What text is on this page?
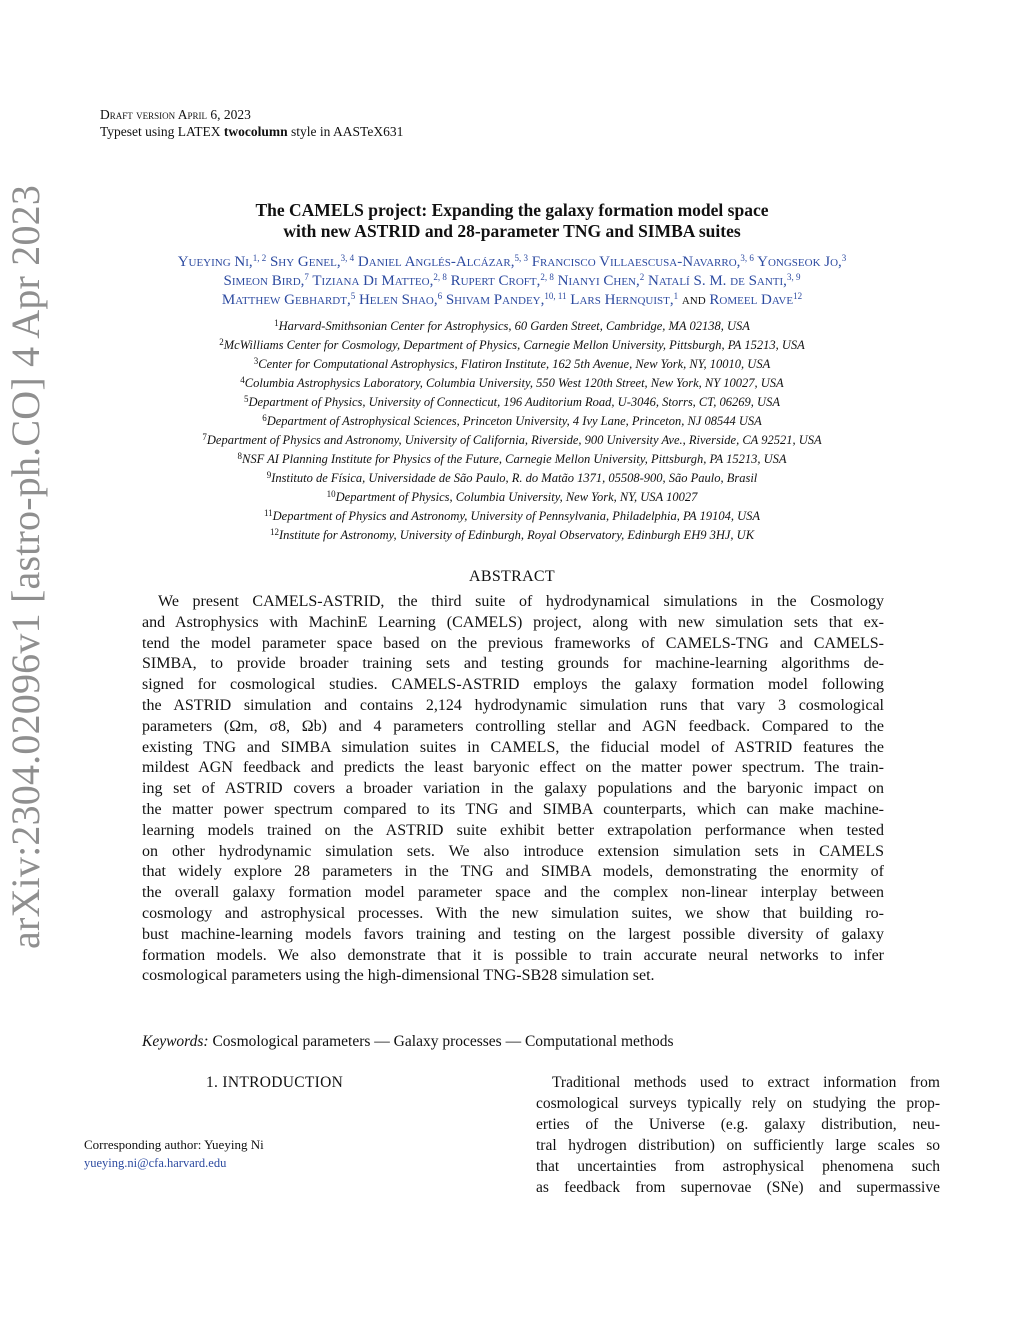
arXiv:2304.02096v1 [astro-ph.CO] 4 Apr 2023
Draft version April 6, 2023
Typeset using LATEX twocolumn style in AASTeX631
The CAMELS project: Expanding the galaxy formation model space
with new ASTRID and 28-parameter TNG and SIMBA suites
Yueying Ni,$^{1, 2}$ Shy Genel,$^{3, 4}$ Daniel Anglés-Alcázar,$^{5, 3}$ Francisco Villaescusa-Navarro,$^{3, 6}$ Yongseok Jo,$^3$
Simeon Bird,$^7$ Tiziana Di Matteo,$^{2, 8}$ Rupert Croft,$^{2, 8}$ Nianyi Chen,$^2$ Natalí S. M. de Santi,$^{3, 9}$
Matthew Gebhardt,$^5$ Helen Shao,$^6$ Shivam Pandey,$^{10, 11}$ Lars Hernquist,$^1$ and Romeel Dave$^{12}$
$^1$Harvard-Smithsonian Center for Astrophysics, 60 Garden Street, Cambridge, MA 02138, USA
$^2$McWilliams Center for Cosmology, Department of Physics, Carnegie Mellon University, Pittsburgh, PA 15213, USA
$^3$Center for Computational Astrophysics, Flatiron Institute, 162 5th Avenue, New York, NY, 10010, USA
$^4$Columbia Astrophysics Laboratory, Columbia University, 550 West 120th Street, New York, NY 10027, USA
$^5$Department of Physics, University of Connecticut, 196 Auditorium Road, U-3046, Storrs, CT, 06269, USA
$^6$Department of Astrophysical Sciences, Princeton University, 4 Ivy Lane, Princeton, NJ 08544 USA
$^7$Department of Physics and Astronomy, University of California, Riverside, 900 University Ave., Riverside, CA 92521, USA
$^8$NSF AI Planning Institute for Physics of the Future, Carnegie Mellon University, Pittsburgh, PA 15213, USA
$^9$Instituto de Física, Universidade de São Paulo, R. do Matão 1371, 05508-900, São Paulo, Brasil
$^{10}$Department of Physics, Columbia University, New York, NY, USA 10027
$^{11}$Department of Physics and Astronomy, University of Pennsylvania, Philadelphia, PA 19104, USA
$^{12}$Institute for Astronomy, University of Edinburgh, Royal Observatory, Edinburgh EH9 3HJ, UK
ABSTRACT
We present CAMELS-ASTRID, the third suite of hydrodynamical simulations in the Cosmology
and Astrophysics with MachinE Learning (CAMELS) project, along with new simulation sets that ex-
tend the model parameter space based on the previous frameworks of CAMELS-TNG and CAMELS-
SIMBA, to provide broader training sets and testing grounds for machine-learning algorithms de-
signed for cosmological studies. CAMELS-ASTRID employs the galaxy formation model following
the ASTRID simulation and contains 2,124 hydrodynamic simulation runs that vary 3 cosmological
parameters (Ωm, σ8, Ωb) and 4 parameters controlling stellar and AGN feedback. Compared to the
existing TNG and SIMBA simulation suites in CAMELS, the fiducial model of ASTRID features the
mildest AGN feedback and predicts the least baryonic effect on the matter power spectrum. The train-
ing set of ASTRID covers a broader variation in the galaxy populations and the baryonic impact on
the matter power spectrum compared to its TNG and SIMBA counterparts, which can make machine-
learning models trained on the ASTRID suite exhibit better extrapolation performance when tested
on other hydrodynamic simulation sets. We also introduce extension simulation sets in CAMELS
that widely explore 28 parameters in the TNG and SIMBA models, demonstrating the enormity of
the overall galaxy formation model parameter space and the complex non-linear interplay between
cosmology and astrophysical processes. With the new simulation suites, we show that building ro-
bust machine-learning models favors training and testing on the largest possible diversity of galaxy
formation models. We also demonstrate that it is possible to train accurate neural networks to infer
cosmological parameters using the high-dimensional TNG-SB28 simulation set.
Keywords: Cosmological parameters — Galaxy processes — Computational methods
1. INTRODUCTION
Corresponding author: Yueying Ni
yueying.ni@cfa.harvard.edu
Traditional methods used to extract information from
cosmological surveys typically rely on studying the prop-
erties of the Universe (e.g. galaxy distribution, neu-
tral hydrogen distribution) on sufficiently large scales so
that uncertainties from astrophysical phenomena such
as feedback from supernovae (SNe) and supermassive
